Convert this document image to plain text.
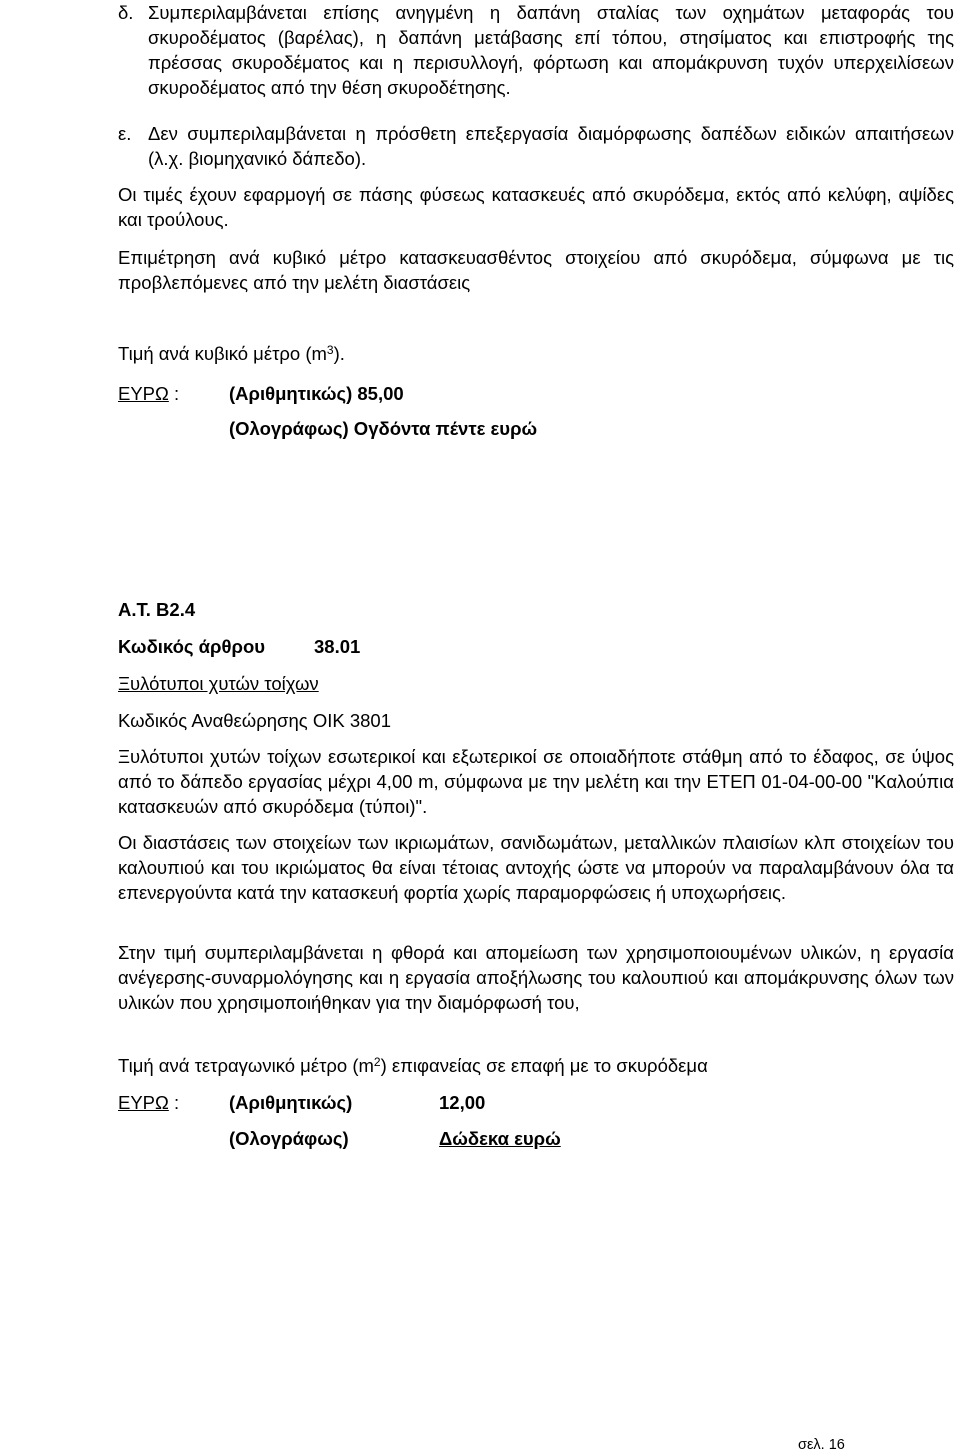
δ. Συμπεριλαμβάνεται επίσης ανηγμένη η δαπάνη σταλίας των οχημάτων μεταφοράς του σκυροδέματος (βαρέλας), η δαπάνη μετάβασης επί τόπου, στησίματος και επιστροφής της πρέσσας σκυροδέματος και η περισυλλογή, φόρτωση και απομάκρυνση τυχόν υπερχειλίσεων σκυροδέματος από την θέση σκυροδέτησης.

ε. Δεν συμπεριλαμβάνεται η πρόσθετη επεξεργασία διαμόρφωσης δαπέδων ειδικών απαιτήσεων (λ.χ. βιομηχανικό δάπεδο).

Οι τιμές έχουν εφαρμογή σε πάσης φύσεως κατασκευές από σκυρόδεμα, εκτός από κελύφη, αψίδες και τρούλους.

Επιμέτρηση ανά κυβικό μέτρο κατασκευασθέντος στοιχείου από σκυρόδεμα, σύμφωνα με τις προβλεπόμενες από την μελέτη διαστάσεις

Τιμή ανά κυβικό μέτρο $(m^3)$.
ΕΥΡΩ :	(Αριθμητικώς) 85,00
(Ολογράφως) Ογδόντα πέντε ευρώ
Α.Τ. Β2.4
Κωδικός άρθρου	38.01
Ξυλότυποι χυτών τοίχων
Κωδικός Αναθεώρησης ΟΙΚ 3801

Ξυλότυποι χυτών τοίχων εσωτερικοί και εξωτερικοί σε οποιαδήποτε στάθμη από το έδαφος, σε ύψος από το δάπεδο εργασίας μέχρι 4,00 m, σύμφωνα με την μελέτη και την ΕΤΕΠ 01-04-00-00 "Καλούπια κατασκευών από σκυρόδεμα (τύποι)".

Οι διαστάσεις των στοιχείων των ικριωμάτων, σανιδωμάτων, μεταλλικών πλαισίων κλπ στοιχείων του καλουπιού και του ικριώματος θα είναι τέτοιας αντοχής ώστε να μπορούν να παραλαμβάνουν όλα τα επενεργούντα κατά την κατασκευή φορτία χωρίς παραμορφώσεις ή υποχωρήσεις.

Στην τιμή συμπεριλαμβάνεται η φθορά και απομείωση των χρησιμοποιουμένων υλικών, η εργασία ανέγερσης-συναρμολόγησης και η εργασία αποξήλωσης του καλουπιού και απομάκρυνσης όλων των υλικών που χρησιμοποιήθηκαν για την διαμόρφωσή του,

Τιμή ανά τετραγωνικό μέτρο $(m^2)$ επιφανείας σε επαφή με το σκυρόδεμα
ΕΥΡΩ :	(Αριθμητικώς)	12,00
(Ολογράφως)	Δώδεκα ευρώ
σελ. 16
